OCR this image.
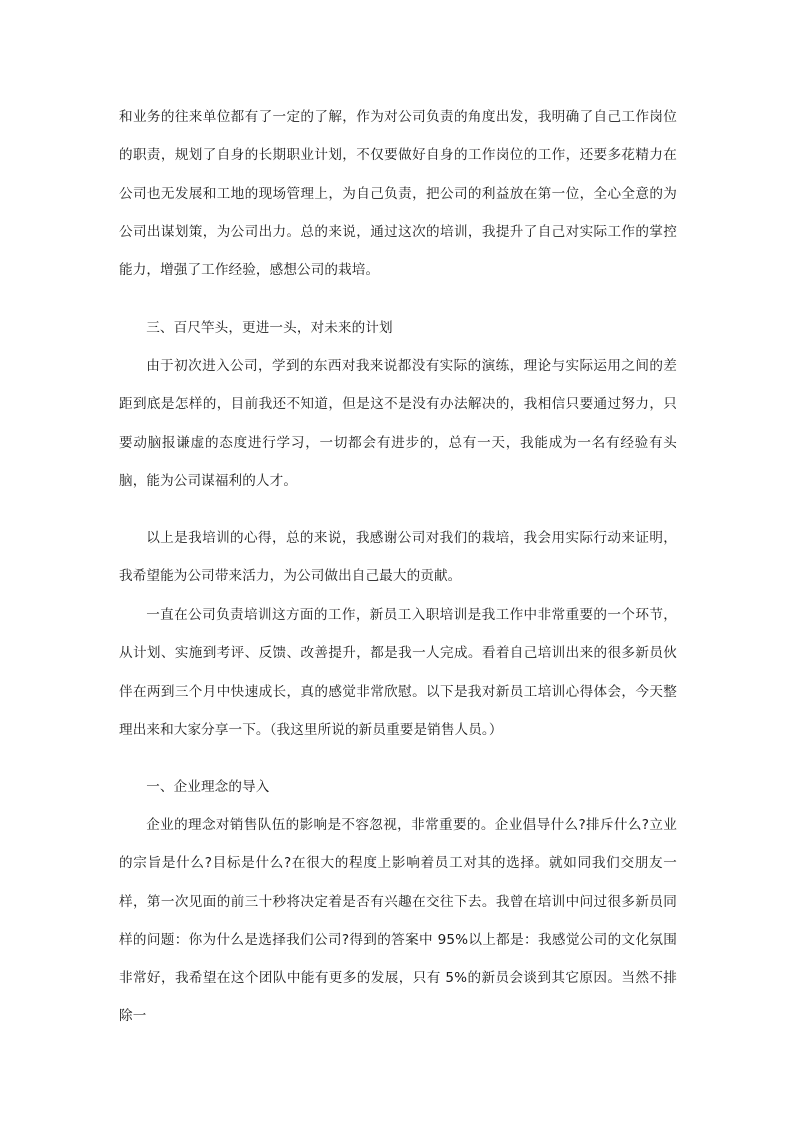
和业务的往来单位都有了一定的了解，作为对公司负责的角度出发，我明确了自己工作岗位的职责，规划了自身的长期职业计划，不仅要做好自身的工作岗位的工作，还要多花精力在公司也无发展和工地的现场管理上，为自己负责，把公司的利益放在第一位，全心全意的为公司出谋划策，为公司出力。总的来说，通过这次的培训，我提升了自己对实际工作的掌控能力，增强了工作经验，感想公司的栽培。

三、百尺竿头，更进一头，对未来的计划

由于初次进入公司，学到的东西对我来说都没有实际的演练，理论与实际运用之间的差距到底是怎样的，目前我还不知道，但是这不是没有办法解决的，我相信只要通过努力，只要动脑报谦虚的态度进行学习，一切都会有进步的，总有一天，我能成为一名有经验有头脑，能为公司谋福利的人才。

以上是我培训的心得，总的来说，我感谢公司对我们的栽培，我会用实际行动来证明，我希望能为公司带来活力，为公司做出自己最大的贡献。

一直在公司负责培训这方面的工作，新员工入职培训是我工作中非常重要的一个环节，从计划、实施到考评、反馈、改善提升，都是我一人完成。看着自己培训出来的很多新员伙伴在两到三个月中快速成长，真的感觉非常欣慰。以下是我对新员工培训心得体会，今天整理出来和大家分享一下。（我这里所说的新员重要是销售人员。）

一、企业理念的导入

企业的理念对销售队伍的影响是不容忽视，非常重要的。企业倡导什么?排斥什么?立业的宗旨是什么?目标是什么?在很大的程度上影响着员工对其的选择。就如同我们交朋友一样，第一次见面的前三十秒将决定着是否有兴趣在交往下去。我曾在培训中问过很多新员同样的问题：你为什么是选择我们公司?得到的答案中 95%以上都是：我感觉公司的文化氛围非常好，我希望在这个团队中能有更多的发展，只有 5%的新员会谈到其它原因。当然不排除一
